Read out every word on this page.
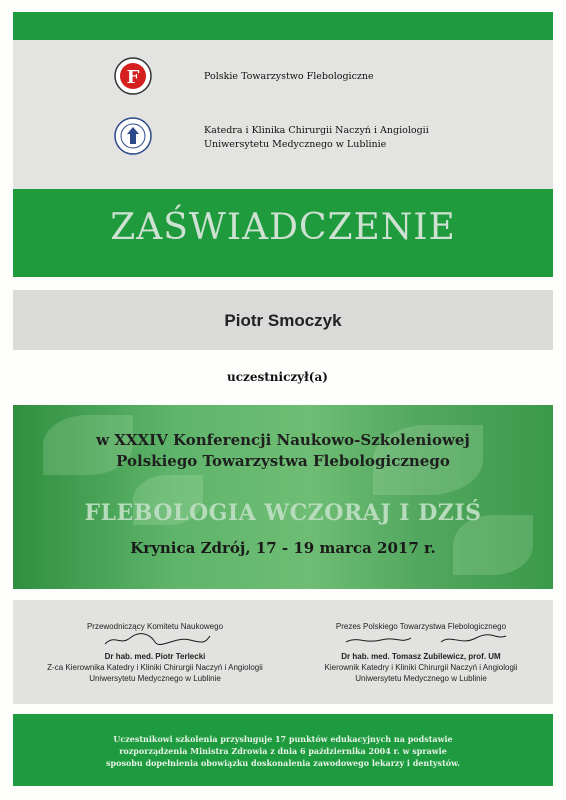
F	Polskie Towarzystwo Flebologiczne
Katedra i Klinika Chirurgii Naczyń i Angiologii
Uniwersytetu Medycznego w Lublinie
ZAŚWIADCZENIE
Piotr Smoczyk
uczestniczył(a)
w XXXIV Konferencji Naukowo-Szkoleniowej
Polskiego Towarzystwa Flebologicznego
FLEBOLOGIA WCZORAJ I DZIŚ
Krynica Zdrój, 17 - 19 marca 2017 r.
Przewodniczący Komitetu Naukowego
Dr hab. med. Piotr Terlecki
Z-ca Kierownika Katedry i Kliniki Chirurgii Naczyń i Angiologii
Uniwersytetu Medycznego w Lublinie
Prezes Polskiego Towarzystwa Flebologicznego
Dr hab. med. Tomasz Zubilewicz, prof. UM
Kierownik Katedry i Kliniki Chirurgii Naczyń i Angiologii
Uniwersytetu Medycznego w Lublinie
Uczestnikowi szkolenia przysługuje 17 punktów edukacyjnych na podstawie
rozporządzenia Ministra Zdrowia z dnia 6 października 2004 r. w sprawie
sposobu dopełnienia obowiązku doskonalenia zawodowego lekarzy i dentystów.
